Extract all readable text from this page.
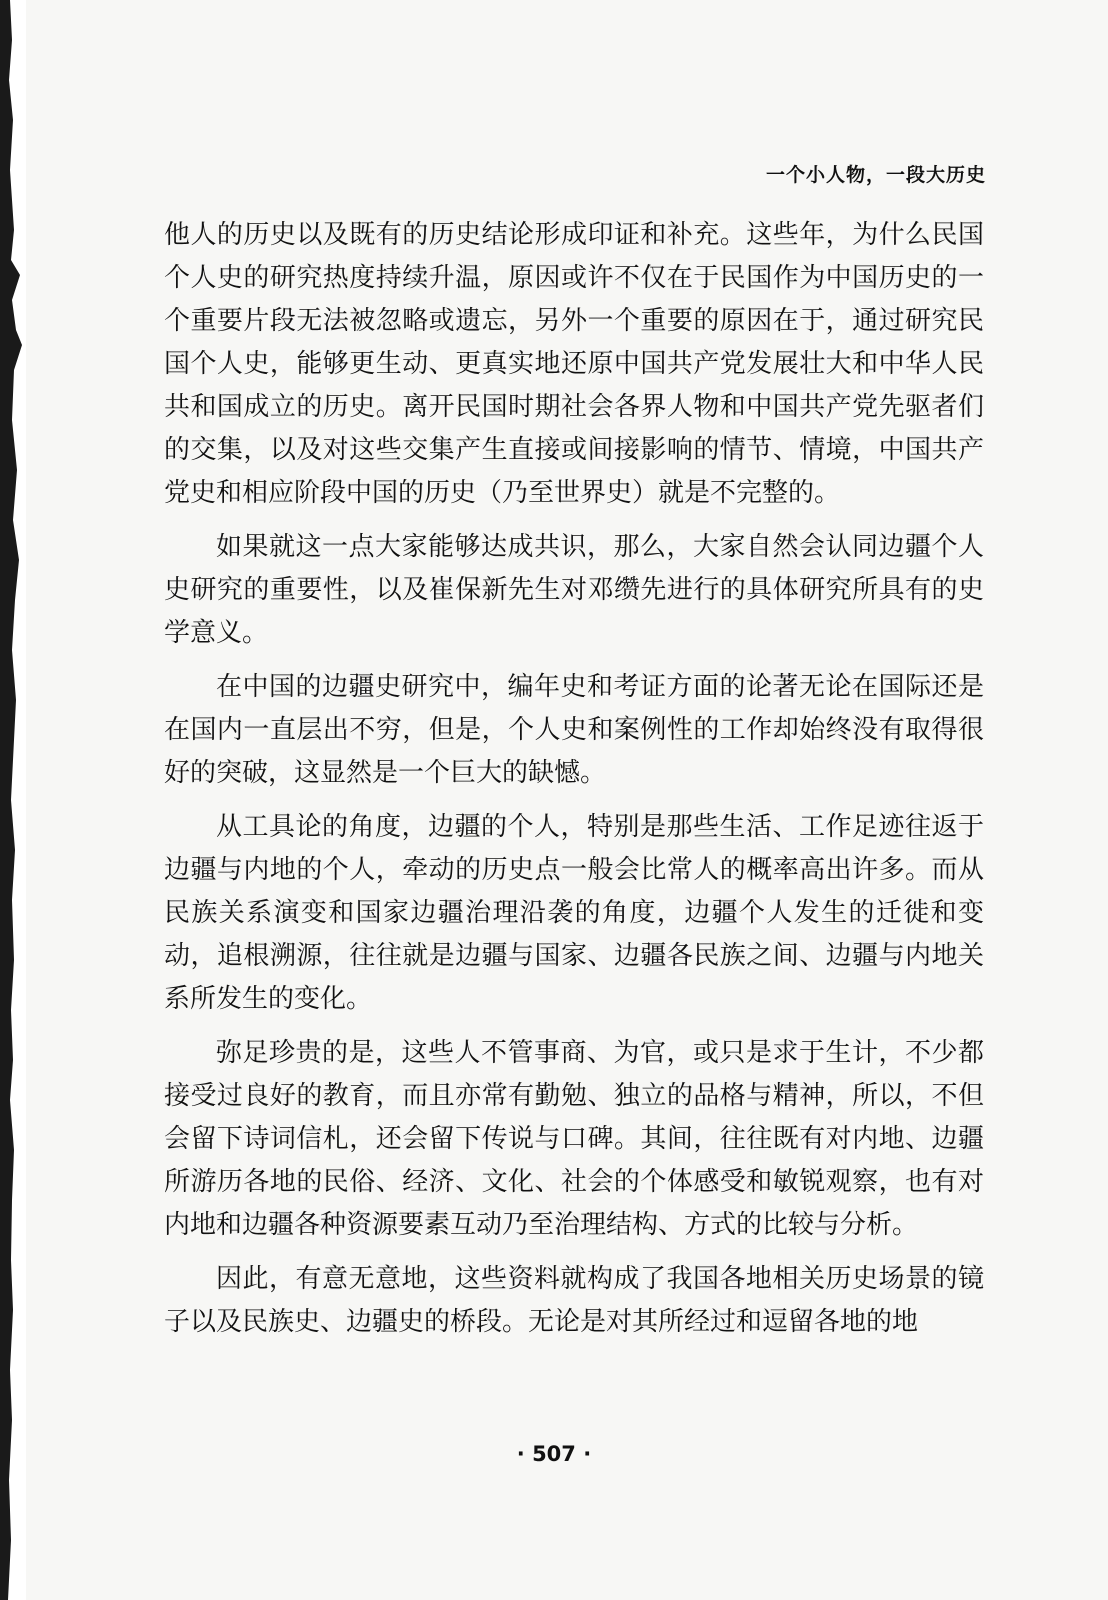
一个小人物，一段大历史

他人的历史以及既有的历史结论形成印证和补充。这些年，为什么民国个人史的研究热度持续升温，原因或许不仅在于民国作为中国历史的一个重要片段无法被忽略或遗忘，另外一个重要的原因在于，通过研究民国个人史，能够更生动、更真实地还原中国共产党发展壮大和中华人民共和国成立的历史。离开民国时期社会各界人物和中国共产党先驱者们的交集，以及对这些交集产生直接或间接影响的情节、情境，中国共产党史和相应阶段中国的历史（乃至世界史）就是不完整的。

如果就这一点大家能够达成共识，那么，大家自然会认同边疆个人史研究的重要性，以及崔保新先生对邓缵先进行的具体研究所具有的史学意义。

在中国的边疆史研究中，编年史和考证方面的论著无论在国际还是在国内一直层出不穷，但是，个人史和案例性的工作却始终没有取得很好的突破，这显然是一个巨大的缺憾。

从工具论的角度，边疆的个人，特别是那些生活、工作足迹往返于边疆与内地的个人，牵动的历史点一般会比常人的概率高出许多。而从民族关系演变和国家边疆治理沿袭的角度，边疆个人发生的迁徙和变动，追根溯源，往往就是边疆与国家、边疆各民族之间、边疆与内地关系所发生的变化。

弥足珍贵的是，这些人不管事商、为官，或只是求于生计，不少都接受过良好的教育，而且亦常有勤勉、独立的品格与精神，所以，不但会留下诗词信札，还会留下传说与口碑。其间，往往既有对内地、边疆所游历各地的民俗、经济、文化、社会的个体感受和敏锐观察，也有对内地和边疆各种资源要素互动乃至治理结构、方式的比较与分析。

因此，有意无意地，这些资料就构成了我国各地相关历史场景的镜子以及民族史、边疆史的桥段。无论是对其所经过和逗留各地的地

· 507 ·
